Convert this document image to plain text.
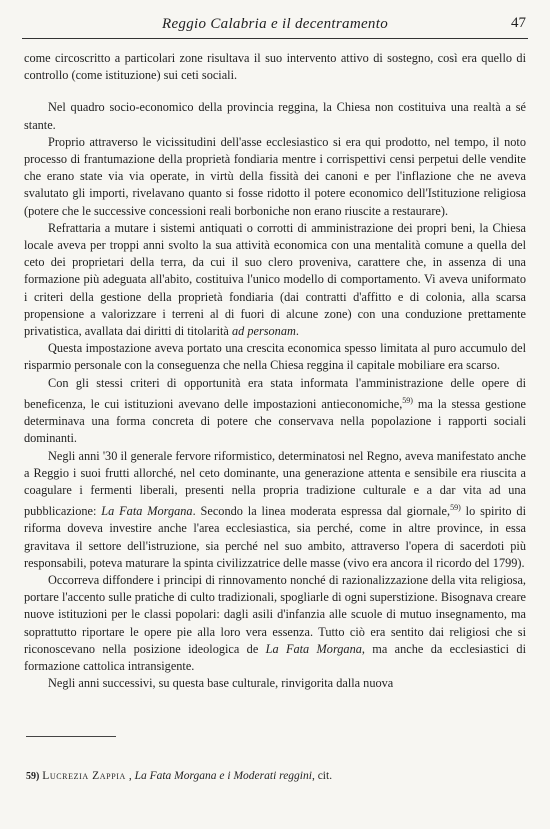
Reggio Calabria e il decentramento	47

come circoscritto a particolari zone risultava il suo intervento attivo di sostegno, così era quello di controllo (come istituzione) sui ceti sociali.

Nel quadro socio-economico della provincia reggina, la Chiesa non costituiva una realtà a sé stante.

Proprio attraverso le vicissitudini dell'asse ecclesiastico si era qui prodotto, nel tempo, il noto processo di frantumazione della proprietà fondiaria mentre i corrispettivi censi perpetui delle vendite che erano state via via operate, in virtù della fissità dei canoni e per l'inflazione che ne aveva svalutato gli importi, rivelavano quanto si fosse ridotto il potere economico dell'Istituzione religiosa (potere che le successive concessioni reali borboniche non erano riuscite a restaurare).

Refrattaria a mutare i sistemi antiquati o corrotti di amministrazione dei propri beni, la Chiesa locale aveva per troppi anni svolto la sua attività economica con una mentalità comune a quella del ceto dei proprietari della terra, da cui il suo clero proveniva, carattere che, in assenza di una formazione più adeguata all'abito, costituiva l'unico modello di comportamento. Vi aveva uniformato i criteri della gestione della proprietà fondiaria (dai contratti d'affitto e di colonia, alla scarsa propensione a valorizzare i terreni al di fuori di alcune zone) con una conduzione prettamente privatistica, avallata dai diritti di titolarità ad personam.

Questa impostazione aveva portato una crescita economica spesso limitata al puro accumulo del risparmio personale con la conseguenza che nella Chiesa reggina il capitale mobiliare era scarso.

Con gli stessi criteri di opportunità era stata informata l'amministrazione delle opere di beneficenza, le cui istituzioni avevano delle impostazioni antieconomiche,$^{59)}$ ma la stessa gestione determinava una forma concreta di potere che conservava nella popolazione i rapporti sociali dominanti.

Negli anni '30 il generale fervore riformistico, determinatosi nel Regno, aveva manifestato anche a Reggio i suoi frutti allorché, nel ceto dominante, una generazione attenta e sensibile era riuscita a coagulare i fermenti liberali, presenti nella propria tradizione culturale e a dar vita ad una pubblicazione: La Fata Morgana. Secondo la linea moderata espressa dal giornale,$^{59)}$ lo spirito di riforma doveva investire anche l'area ecclesiastica, sia perché, come in altre province, in essa gravitava il settore dell'istruzione, sia perché nel suo ambito, attraverso l'opera di sacerdoti più responsabili, poteva maturare la spinta civilizzatrice delle masse (vivo era ancora il ricordo del 1799).

Occorreva diffondere i principi di rinnovamento nonché di razionalizzazione della vita religiosa, portare l'accento sulle pratiche di culto tradizionali, spogliarle di ogni superstizione. Bisognava creare nuove istituzioni per le classi popolari: dagli asili d'infanzia alle scuole di mutuo insegnamento, ma soprattutto riportare le opere pie alla loro vera essenza. Tutto ciò era sentito dai religiosi che si riconoscevano nella posizione ideologica de La Fata Morgana, ma anche da ecclesiastici di formazione cattolica intransigente.

Negli anni successivi, su questa base culturale, rinvigorita dalla nuova

59) Lucrezia Zappia , La Fata Morgana e i Moderati reggini, cit.
